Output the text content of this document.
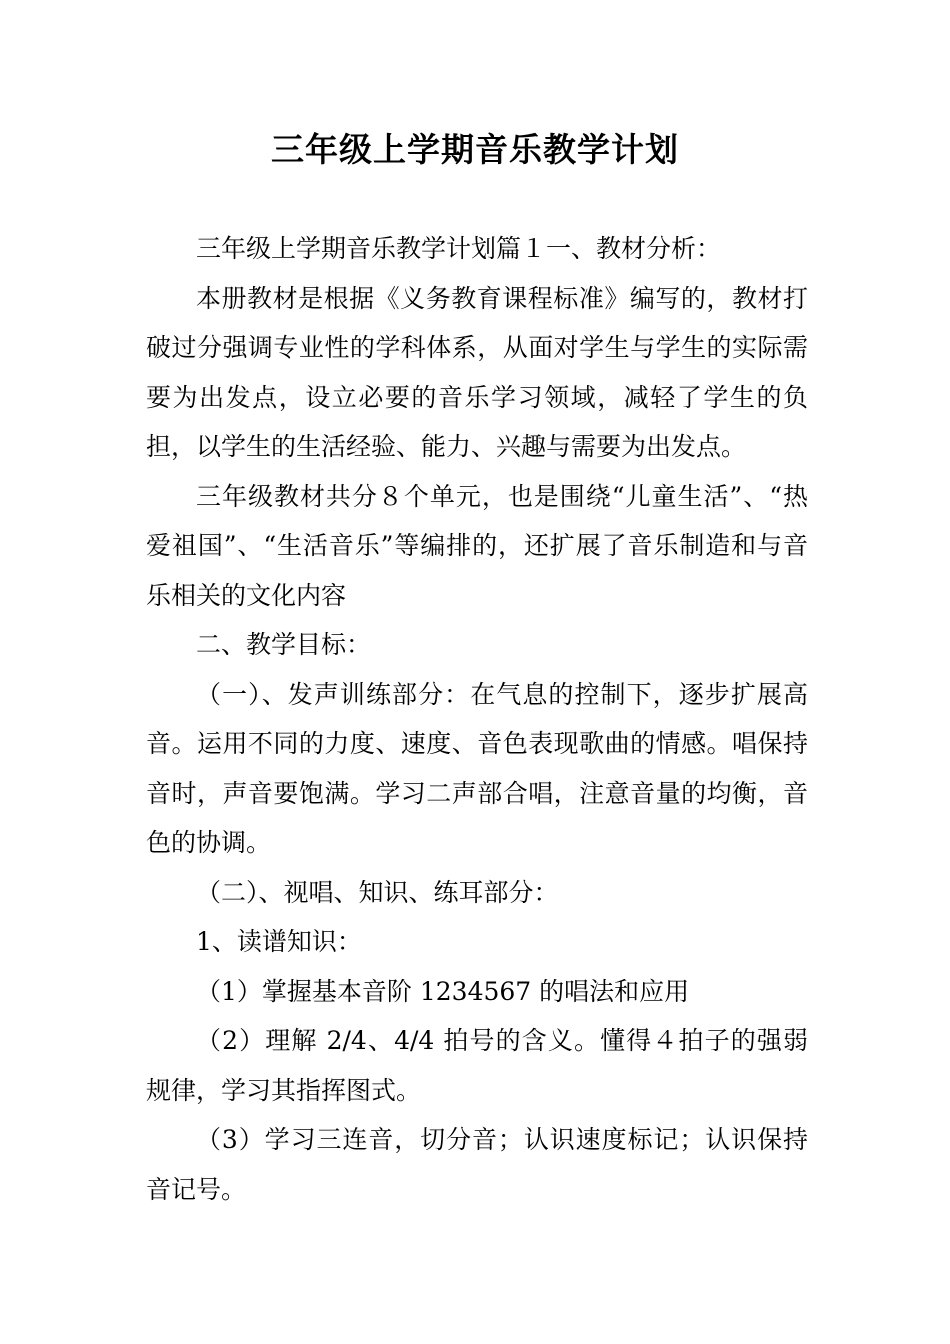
三年级上学期音乐教学计划

三年级上学期音乐教学计划篇１一、教材分析：

本册教材是根据《义务教育课程标准》编写的，教材打破过分强调专业性的学科体系，从面对学生与学生的实际需要为出发点，设立必要的音乐学习领域，减轻了学生的负担，以学生的生活经验、能力、兴趣与需要为出发点。

三年级教材共分８个单元，也是围绕“儿童生活”、“热爱祖国”、“生活音乐”等编排的，还扩展了音乐制造和与音乐相关的文化内容

二、教学目标：

（一）、发声训练部分：在气息的控制下，逐步扩展高音。运用不同的力度、速度、音色表现歌曲的情感。唱保持音时，声音要饱满。学习二声部合唱，注意音量的均衡，音色的协调。

（二）、视唱、知识、练耳部分：

1、读谱知识：

（1）掌握基本音阶 1234567 的唱法和应用

（2）理解 2/4、4/4 拍号的含义。懂得４拍子的强弱规律，学习其指挥图式。

（3）学习三连音，切分音；认识速度标记；认识保持音记号。
